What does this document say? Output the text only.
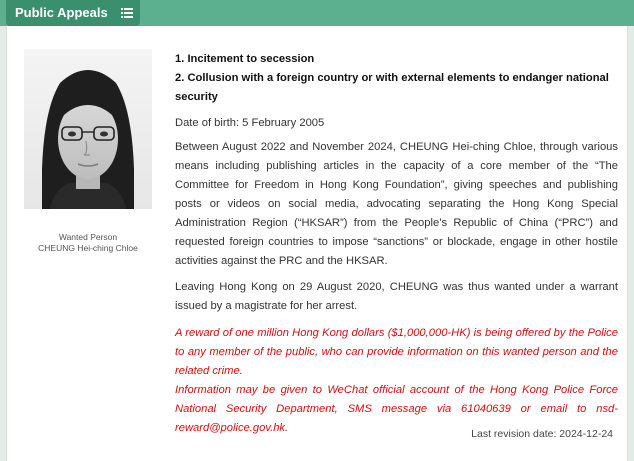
Public Appeals
Wanted Person
CHEUNG Hei-ching Chloe
1. Incitement to secession
2. Collusion with a foreign country or with external elements to endanger national security
Date of birth: 5 February 2005
Between August 2022 and November 2024, CHEUNG Hei-ching Chloe, through various means including publishing articles in the capacity of a core member of the “The Committee for Freedom in Hong Kong Foundation”, giving speeches and publishing posts or videos on social media, advocating separating the Hong Kong Special Administration Region (“HKSAR”) from the People’s Republic of China (“PRC”) and requested foreign countries to impose “sanctions” or blockade, engage in other hostile activities against the PRC and the HKSAR.
Leaving Hong Kong on 29 August 2020, CHEUNG was thus wanted under a warrant issued by a magistrate for her arrest.
A reward of one million Hong Kong dollars ($1,000,000-HK) is being offered by the Police to any member of the public, who can provide information on this wanted person and the related crime.
Information may be given to WeChat official account of the Hong Kong Police Force National Security Department, SMS message via 61040639 or email to nsd-reward@police.gov.hk.	Last revision date: 2024-12-24
